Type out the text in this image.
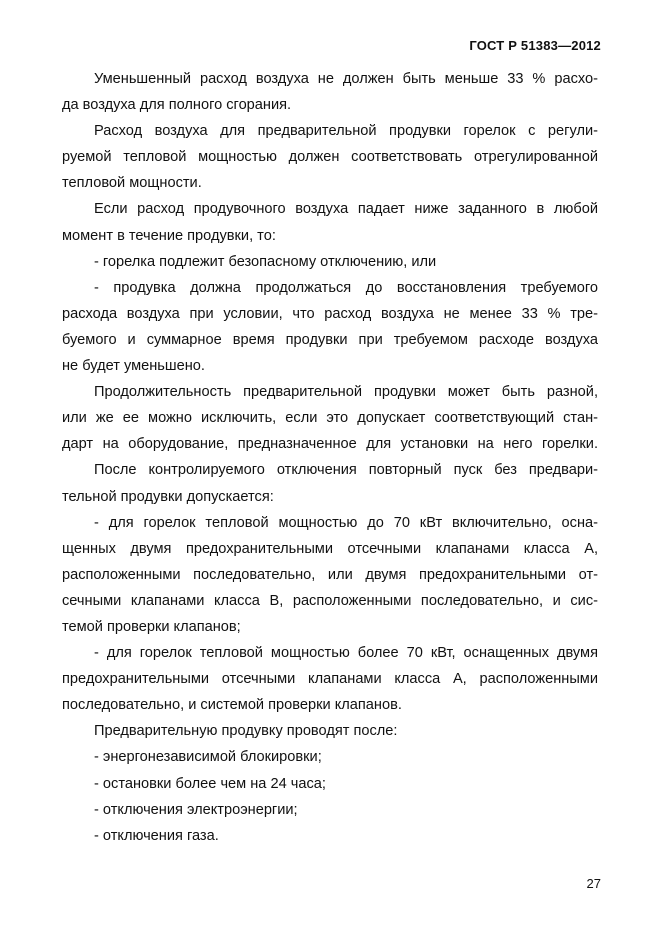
ГОСТ Р 51383—2012
Уменьшенный расход воздуха не должен быть меньше 33 % расхо-
да воздуха для полного сгорания.
Расход воздуха для предварительной продувки горелок с регули-
руемой тепловой мощностью должен соответствовать отрегулированной
тепловой мощности.
Если расход продувочного воздуха падает ниже заданного в любой
момент в течение продувки, то:
- горелка подлежит безопасному отключению, или
- продувка должна продолжаться до восстановления требуемого
расхода воздуха при условии, что расход воздуха не менее 33 % тре-
буемого и суммарное время продувки при требуемом расходе воздуха
не будет уменьшено.
Продолжительность предварительной продувки может быть разной,
или же ее можно исключить, если это допускает соответствующий стан-
дарт на оборудование, предназначенное для установки на него горелки.
После контролируемого отключения повторный пуск без предвари-
тельной продувки допускается:
- для горелок тепловой мощностью до 70 кВт включительно, осна-
щенных двумя предохранительными отсечными клапанами класса А,
расположенными последовательно, или двумя предохранительными от-
сечными клапанами класса В, расположенными последовательно, и сис-
темой проверки клапанов;
- для горелок тепловой мощностью более 70 кВт, оснащенных двумя
предохранительными отсечными клапанами класса А, расположенными
последовательно, и системой проверки клапанов.
Предварительную продувку проводят после:
- энергонезависимой блокировки;
- остановки более чем на 24 часа;
- отключения электроэнергии;
- отключения газа.
27
